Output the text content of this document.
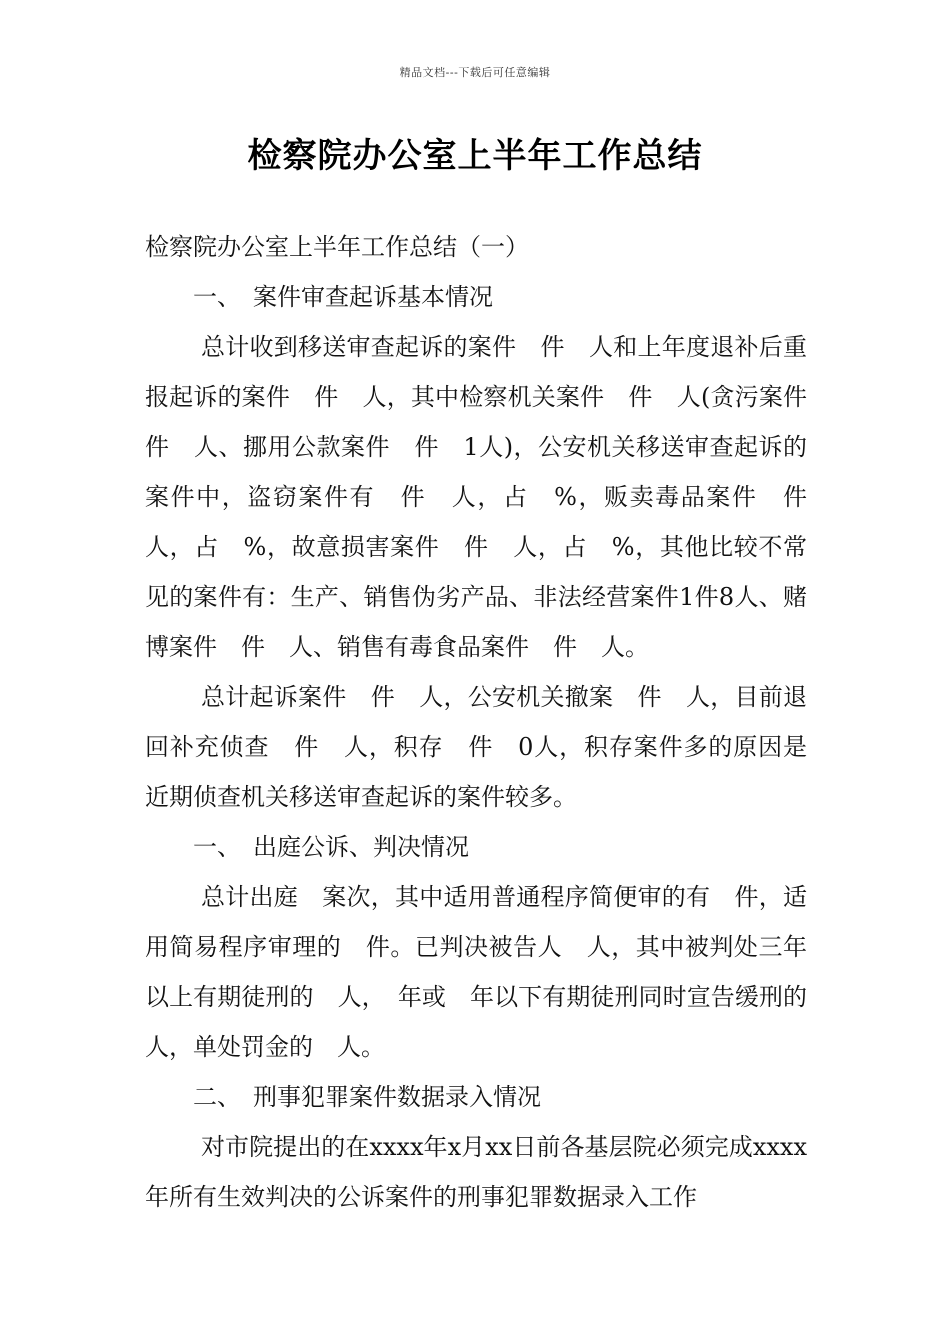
精品文档---下载后可任意编辑
检察院办公室上半年工作总结

检察院办公室上半年工作总结（一）

一、　案件审查起诉基本情况

总计收到移送审查起诉的案件　件　人和上年度退补后重报起诉的案件　件　人，其中检察机关案件　件　人(贪污案件　件　人、挪用公款案件　件　1人)，公安机关移送审查起诉的案件中，盗窃案件有　件　人，占　%，贩卖毒品案件　件　人，占　%，故意损害案件　件　人，占　%，其他比较不常见的案件有：生产、销售伪劣产品、非法经营案件1件8人、赌博案件　件　人、销售有毒食品案件　件　人。

总计起诉案件　件　人，公安机关撤案　件　人，目前退回补充侦查　件　人，积存　件　0人，积存案件多的原因是近期侦查机关移送审查起诉的案件较多。

一、　出庭公诉、判决情况

总计出庭　案次，其中适用普通程序简便审的有　件，适用简易程序审理的　件。已判决被告人　人，其中被判处三年以上有期徒刑的　人，　年或　年以下有期徒刑同时宣告缓刑的　人，单处罚金的　人。

二、　刑事犯罪案件数据录入情况

对市院提出的在xxxx年x月xx日前各基层院必须完成xxxx年所有生效判决的公诉案件的刑事犯罪数据录入工作
